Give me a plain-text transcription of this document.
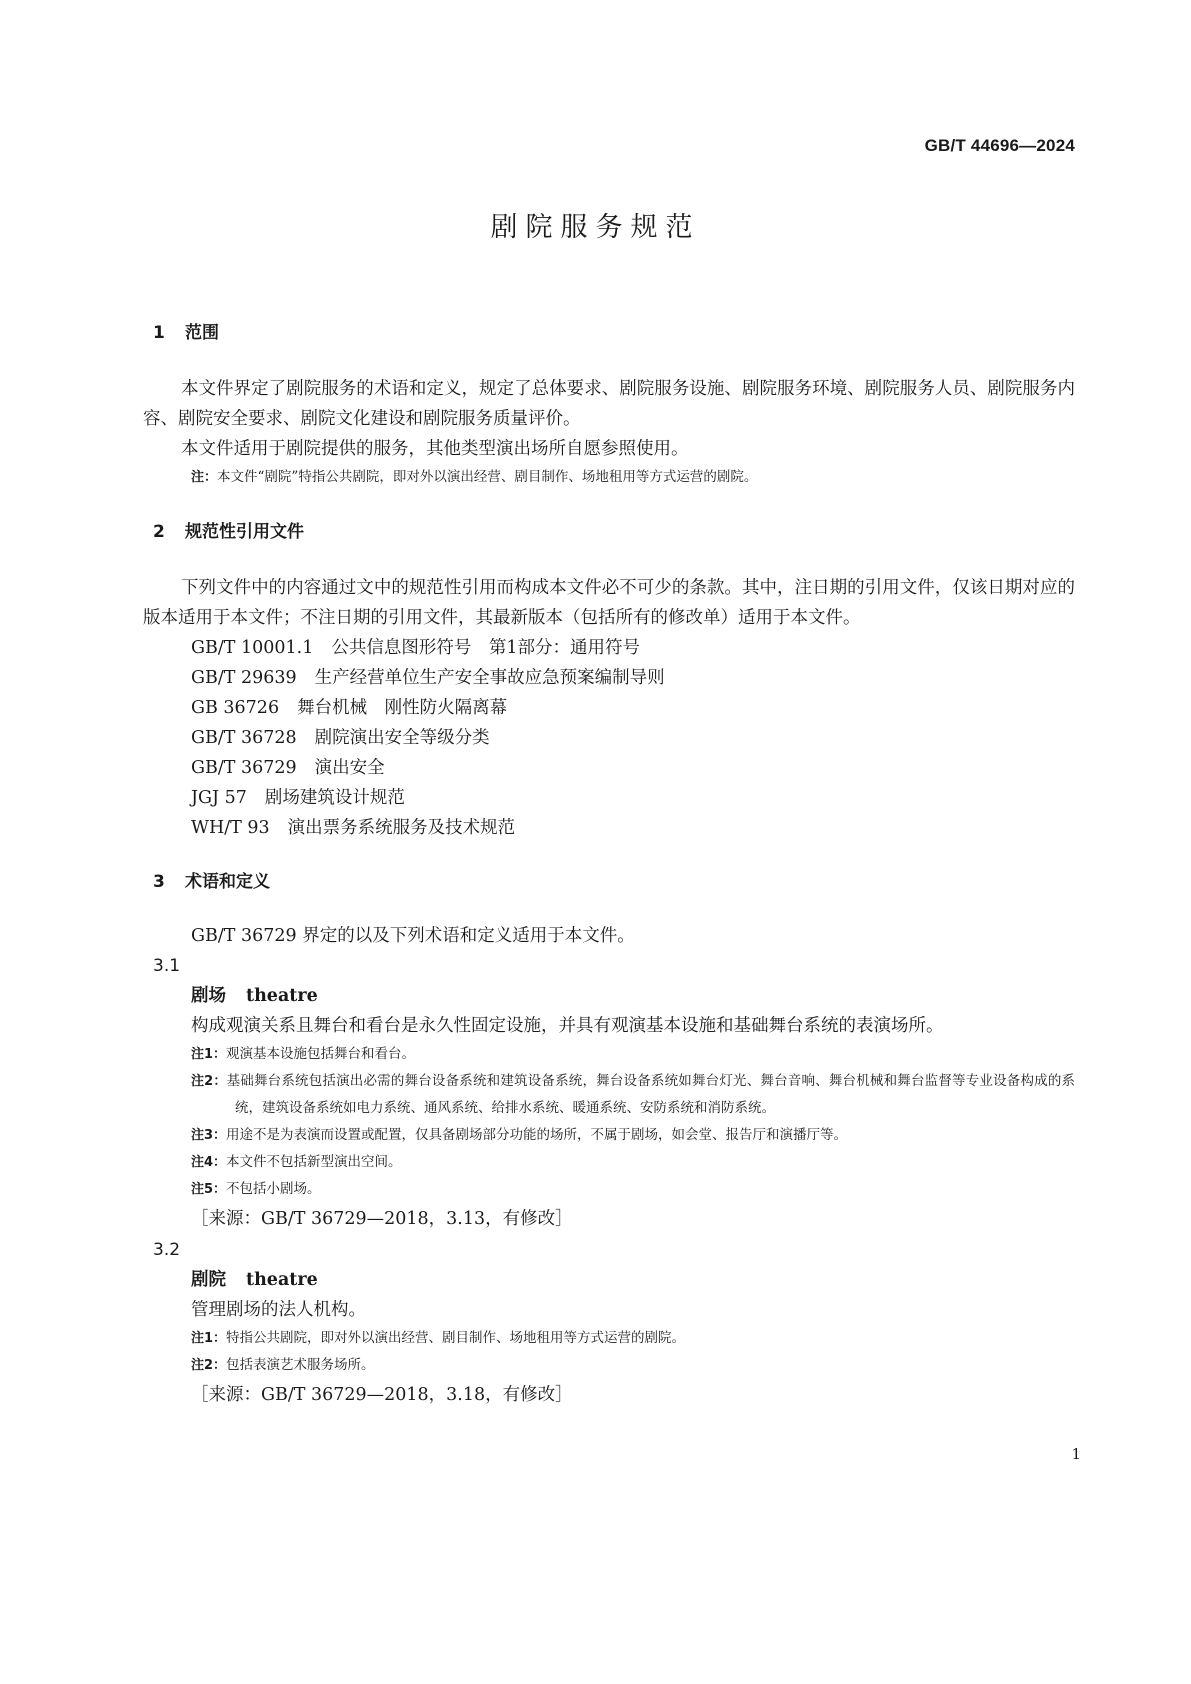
GB/T 44696—2024
剧院服务规范

1 范围

本文件界定了剧院服务的术语和定义，规定了总体要求、剧院服务设施、剧院服务环境、剧院服务人员、剧院服务内容、剧院安全要求、剧院文化建设和剧院服务质量评价。

本文件适用于剧院提供的服务，其他类型演出场所自愿参照使用。

注：本文件“剧院”特指公共剧院，即对外以演出经营、剧目制作、场地租用等方式运营的剧院。

2 规范性引用文件

下列文件中的内容通过文中的规范性引用而构成本文件必不可少的条款。其中，注日期的引用文件，仅该日期对应的版本适用于本文件；不注日期的引用文件，其最新版本（包括所有的修改单）适用于本文件。

GB/T 10001.1 公共信息图形符号　第1部分：通用符号

GB/T 29639 生产经营单位生产安全事故应急预案编制导则

GB 36726 舞台机械　刚性防火隔离幕

GB/T 36728 剧院演出安全等级分类

GB/T 36729 演出安全

JGJ 57 剧场建筑设计规范

WH/T 93 演出票务系统服务及技术规范

3 术语和定义

GB/T 36729 界定的以及下列术语和定义适用于本文件。

3.1

剧场 theatre

构成观演关系且舞台和看台是永久性固定设施，并具有观演基本设施和基础舞台系统的表演场所。

注1：观演基本设施包括舞台和看台。

注2：基础舞台系统包括演出必需的舞台设备系统和建筑设备系统，舞台设备系统如舞台灯光、舞台音响、舞台机械和舞台监督等专业设备构成的系统，建筑设备系统如电力系统、通风系统、给排水系统、暖通系统、安防系统和消防系统。

注3：用途不是为表演而设置或配置，仅具备剧场部分功能的场所，不属于剧场，如会堂、报告厅和演播厅等。

注4：本文件不包括新型演出空间。

注5：不包括小剧场。

［来源：GB/T 36729—2018，3.13，有修改］

3.2

剧院 theatre

管理剧场的法人机构。

注1：特指公共剧院，即对外以演出经营、剧目制作、场地租用等方式运营的剧院。

注2：包括表演艺术服务场所。

［来源：GB/T 36729—2018，3.18，有修改］

1
